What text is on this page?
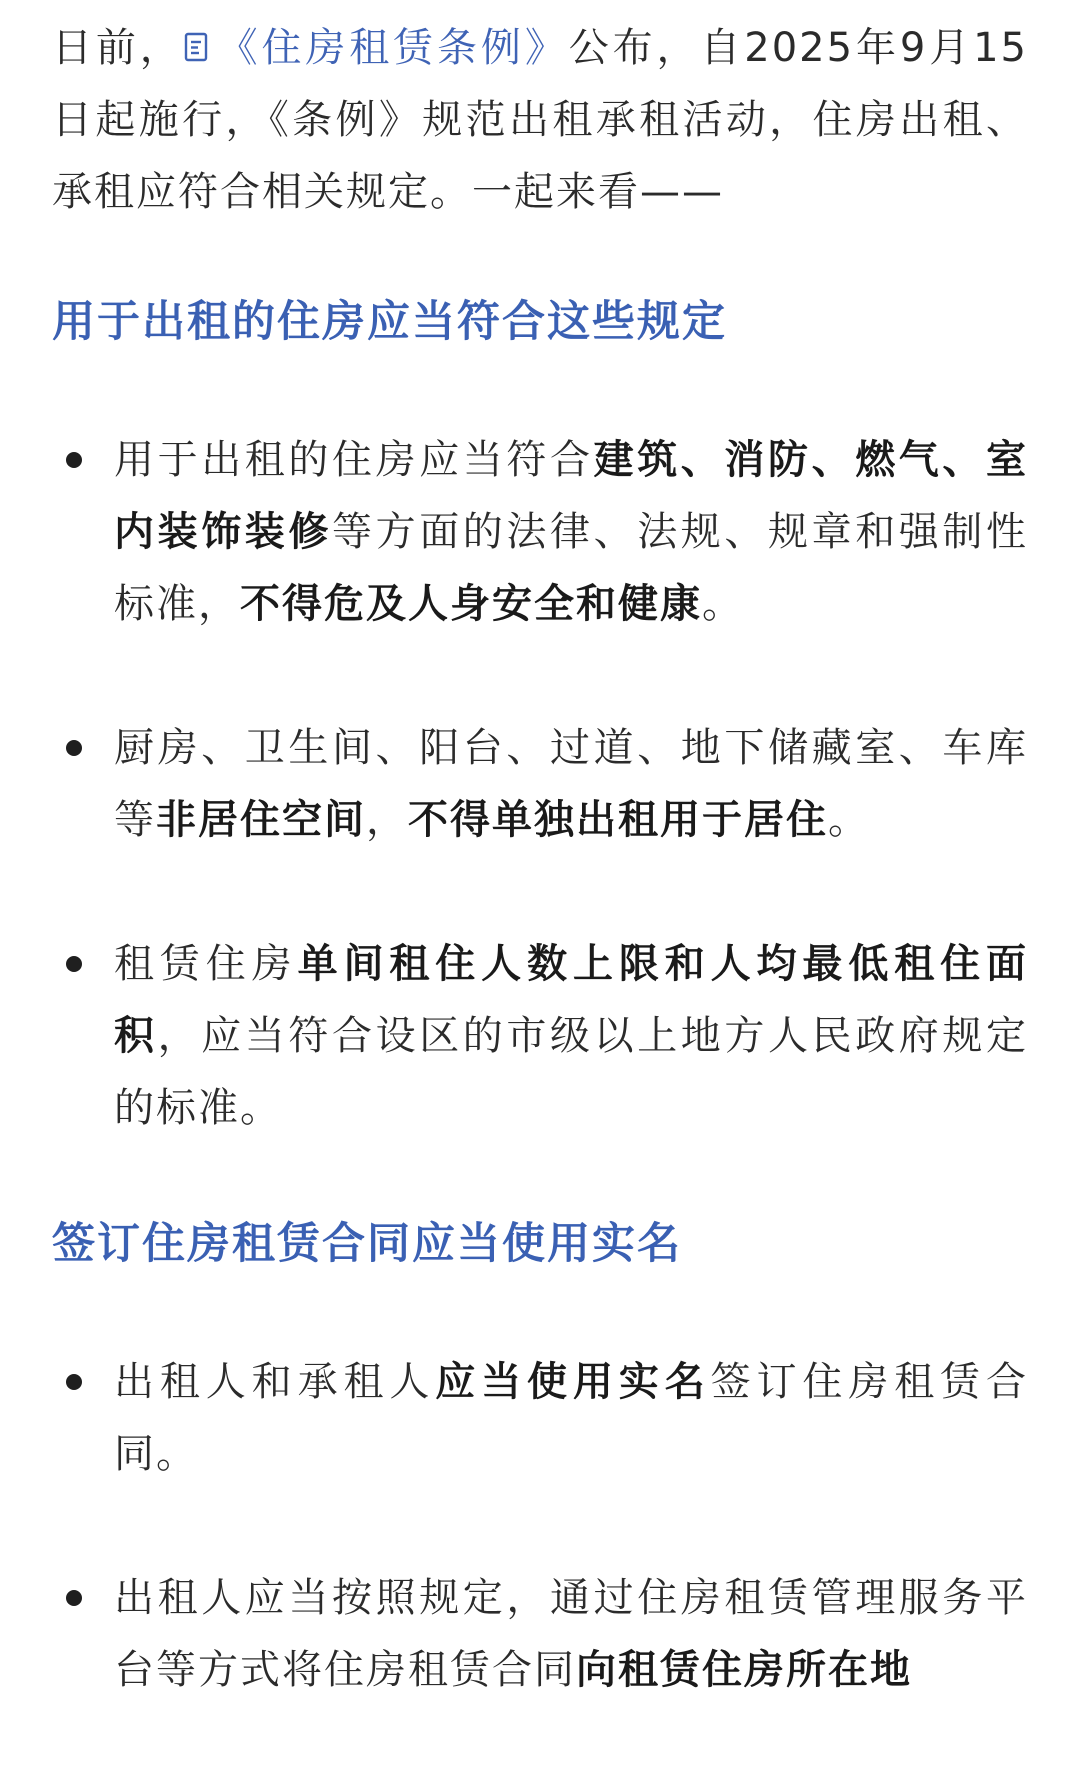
日前， 《住房租赁条例》公布，自2025年9月15日起施行，《条例》规范出租承租活动，住房出租、承租应符合相关规定。一起来看——

用于出租的住房应当符合这些规定
用于出租的住房应当符合建筑、消防、燃气、室内装饰装修等方面的法律、法规、规章和强制性标准，不得危及人身安全和健康。
厨房、卫生间、阳台、过道、地下储藏室、车库等非居住空间，不得单独出租用于居住。
租赁住房单间租住人数上限和人均最低租住面积，应当符合设区的市级以上地方人民政府规定的标准。
签订住房租赁合同应当使用实名
出租人和承租人应当使用实名签订住房租赁合同。
出租人应当按照规定，通过住房租赁管理服务平台等方式将住房租赁合同向租赁住房所在地
